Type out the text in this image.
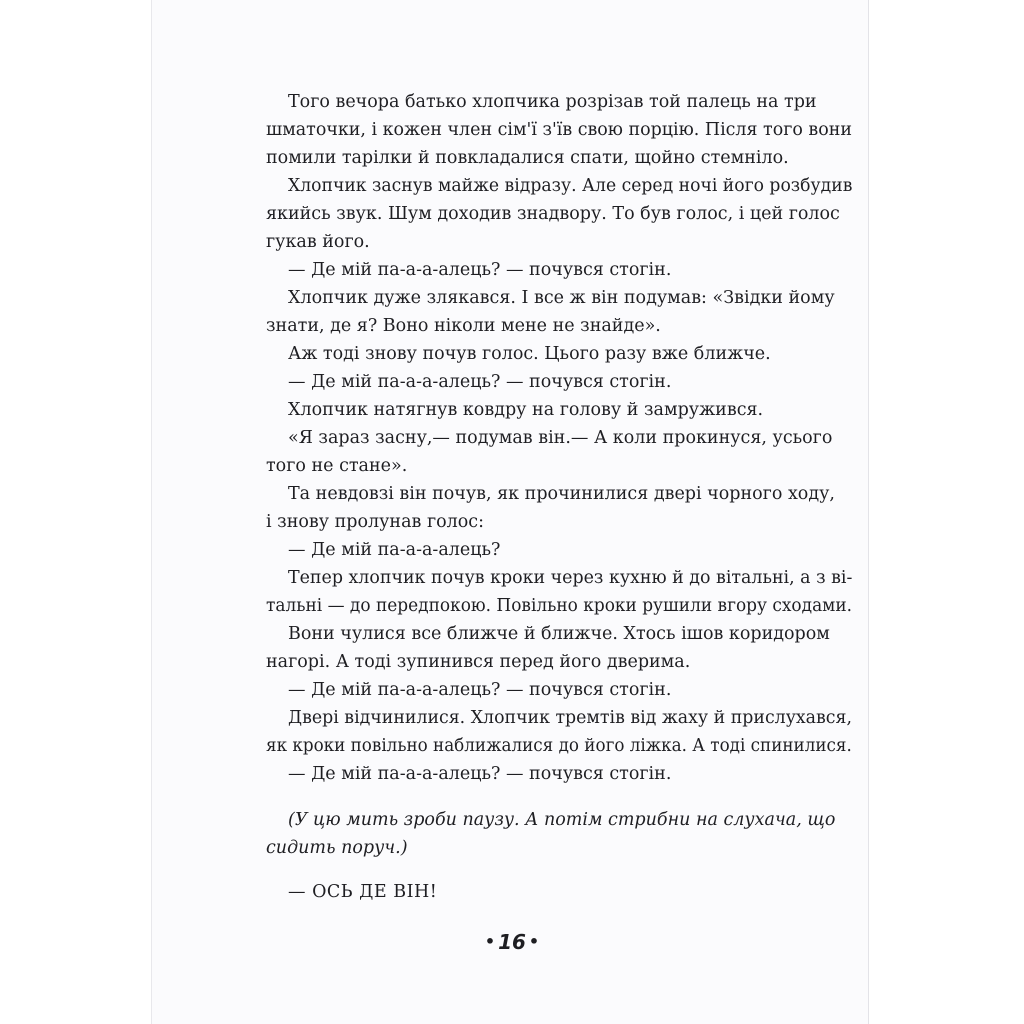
Того вечора батько хлопчика розрізав той палець на три
шматочки, і кожен член сім'ї з'їв свою порцію. Після того вони
помили тарілки й повкладалися спати, щойно стемніло.
Хлопчик заснув майже відразу. Але серед ночі його розбудив
якийсь звук. Шум доходив знадвору. То був голос, і цей голос
гукав його.
— Де мій па-а-а-алець? — почувся стогін.
Хлопчик дуже злякався. І все ж він подумав: «Звідки йому
знати, де я? Воно ніколи мене не знайде».
Аж тоді знову почув голос. Цього разу вже ближче.
— Де мій па-а-а-алець? — почувся стогін.
Хлопчик натягнув ковдру на голову й замружився.
«Я зараз засну,— подумав він.— А коли прокинуся, усього
того не стане».
Та невдовзі він почув, як прочинилися двері чорного ходу,
і знову пролунав голос:
— Де мій па-а-а-алець?
Тепер хлопчик почув кроки через кухню й до вітальні, а з ві-
тальні — до передпокою. Повільно кроки рушили вгору сходами.
Вони чулися все ближче й ближче. Хтось ішов коридором
нагорі. А тоді зупинився перед його дверима.
— Де мій па-а-а-алець? — почувся стогін.
Двері відчинилися. Хлопчик тремтів від жаху й прислухався,
як кроки повільно наближалися до його ліжка. А тоді спинилися.
— Де мій па-а-а-алець? — почувся стогін.
(У цю мить зроби паузу. А потім стрибни на слухача, що
сидить поруч.)
— ОСЬ ДЕ ВІН!
• 16 •
